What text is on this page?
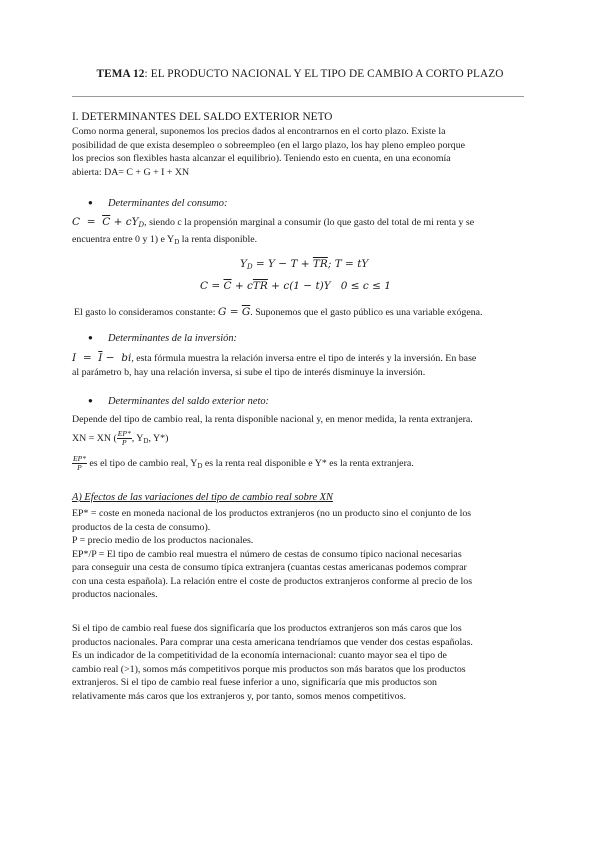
TEMA 12: EL PRODUCTO NACIONAL Y EL TIPO DE CAMBIO A CORTO PLAZO
I. DETERMINANTES DEL SALDO EXTERIOR NETO
Como norma general, suponemos los precios dados al encontrarnos en el corto plazo. Existe la
posibilidad de que exista desempleo o sobreempleo (en el largo plazo, los hay pleno empleo porque
los precios son flexibles hasta alcanzar el equilibrio). Teniendo esto en cuenta, en una economía
abierta: DA= C + G + I + XN
● Determinantes del consumo:
$C = \overline{C} + cY_D$, siendo c la propensión marginal a consumir (lo que gasto del total de mi renta y se
encuentra entre 0 y 1) e $Y_D$ la renta disponible.
$Y_D = Y - T + \overline{TR}$; T = tY
$C = \overline{C} + c\overline{TR} + c(1 - t)Y$   0 ≤ c ≤ 1
El gasto lo consideramos constante: $G = \overline{G}$. Suponemos que el gasto público es una variable exógena.
● Determinantes de la inversión:
$I = \overline{I}$ −  bi, esta fórmula muestra la relación inversa entre el tipo de interés y la inversión. En base
al parámetro b, hay una relación inversa, si sube el tipo de interés disminuye la inversión.
● Determinantes del saldo exterior neto:
Depende del tipo de cambio real, la renta disponible nacional y, en menor medida, la renta extranjera.
XN = XN ( $\frac{EP*}{P}$ , $Y_D$, Y*)
$\frac{EP*}{P}$ es el tipo de cambio real, $Y_D$ es la renta real disponible e Y* es la renta extranjera.
A) Efectos de las variaciones del tipo de cambio real sobre XN
EP* = coste en moneda nacional de los productos extranjeros (no un producto sino el conjunto de los
productos de la cesta de consumo).
P = precio medio de los productos nacionales.
EP*/P = El tipo de cambio real muestra el número de cestas de consumo típico nacional necesarias
para conseguir una cesta de consumo típica extranjera (cuantas cestas americanas podemos comprar
con una cesta española). La relación entre el coste de productos extranjeros conforme al precio de los
productos nacionales.
Si el tipo de cambio real fuese dos significaría que los productos extranjeros son más caros que los
productos nacionales. Para comprar una cesta americana tendríamos que vender dos cestas españolas.
Es un indicador de la competitividad de la economía internacional: cuanto mayor sea el tipo de
cambio real (>1), somos más competitivos porque mis productos son más baratos que los productos
extranjeros. Si el tipo de cambio real fuese inferior a uno, significaría que mis productos son
relativamente más caros que los extranjeros y, por tanto, somos menos competitivos.
